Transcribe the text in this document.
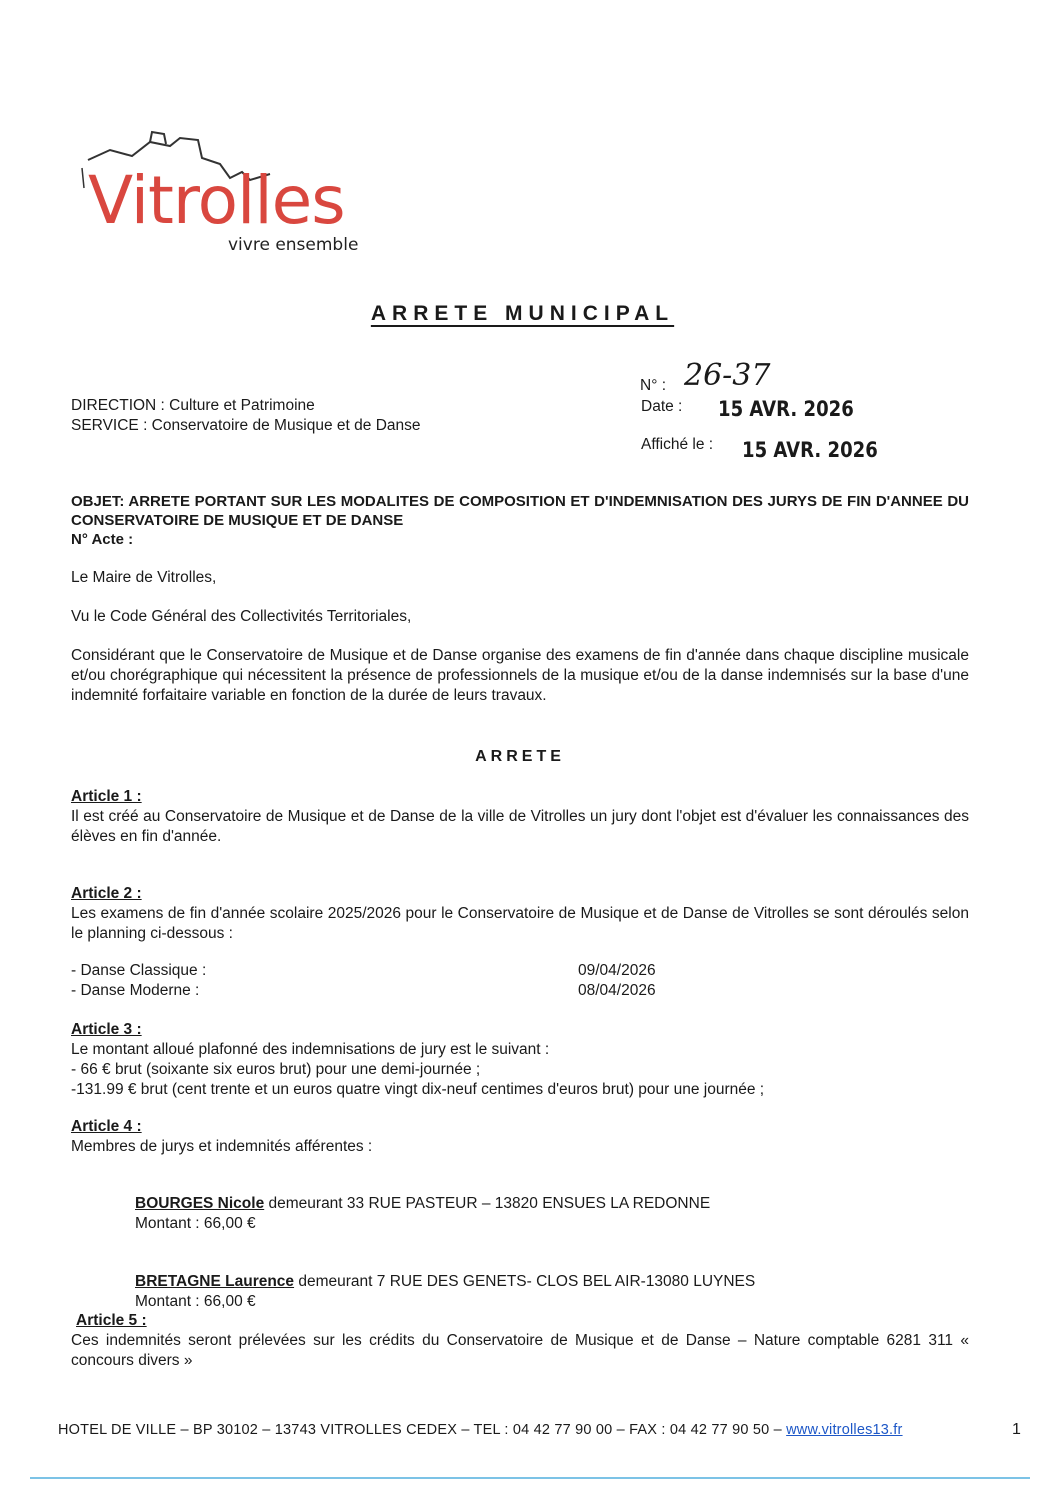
Vitrolles
vivre ensemble
ARRETE MUNICIPAL
DIRECTION : Culture et Patrimoine
SERVICE : Conservatoire de Musique et de Danse
N° : 26-37
Date : 15 AVR. 2026
Affiché le : 15 AVR. 2026
OBJET: ARRETE PORTANT SUR LES MODALITES DE COMPOSITION ET D'INDEMNISATION DES JURYS DE FIN D'ANNEE DU CONSERVATOIRE DE MUSIQUE ET DE DANSE
N° Acte :
Le Maire de Vitrolles,
Vu le Code Général des Collectivités Territoriales,
Considérant que le Conservatoire de Musique et de Danse organise des examens de fin d'année dans chaque discipline musicale et/ou chorégraphique qui nécessitent la présence de professionnels de la musique et/ou de la danse indemnisés sur la base d'une indemnité forfaitaire variable en fonction de la durée de leurs travaux.
ARRETE
Article 1 :
Il est créé au Conservatoire de Musique et de Danse de la ville de Vitrolles un jury dont l'objet est d'évaluer les connaissances des élèves en fin d'année.
Article 2 :
Les examens de fin d'année scolaire 2025/2026 pour le Conservatoire de Musique et de Danse de Vitrolles se sont déroulés selon le planning ci-dessous :
- Danse Classique :	09/04/2026
- Danse Moderne :	08/04/2026
Article 3 :
Le montant alloué plafonné des indemnisations de jury est le suivant :
- 66 € brut (soixante six euros brut) pour une demi-journée ;
-131.99 € brut (cent trente et un euros quatre vingt dix-neuf centimes d'euros brut) pour une journée ;
Article 4 :
Membres de jurys et indemnités afférentes :
BOURGES Nicole demeurant 33 RUE PASTEUR – 13820 ENSUES LA REDONNE
Montant : 66,00 €
BRETAGNE Laurence demeurant 7 RUE DES GENETS- CLOS BEL AIR-13080 LUYNES
Montant : 66,00 €
Article 5 :
Ces indemnités seront prélevées sur les crédits du Conservatoire de Musique et de Danse – Nature comptable 6281 311 « concours divers »
HOTEL DE VILLE – BP 30102 – 13743 VITROLLES CEDEX – TEL : 04 42 77 90 00 – FAX : 04 42 77 90 50 – www.vitrolles13.fr	1
